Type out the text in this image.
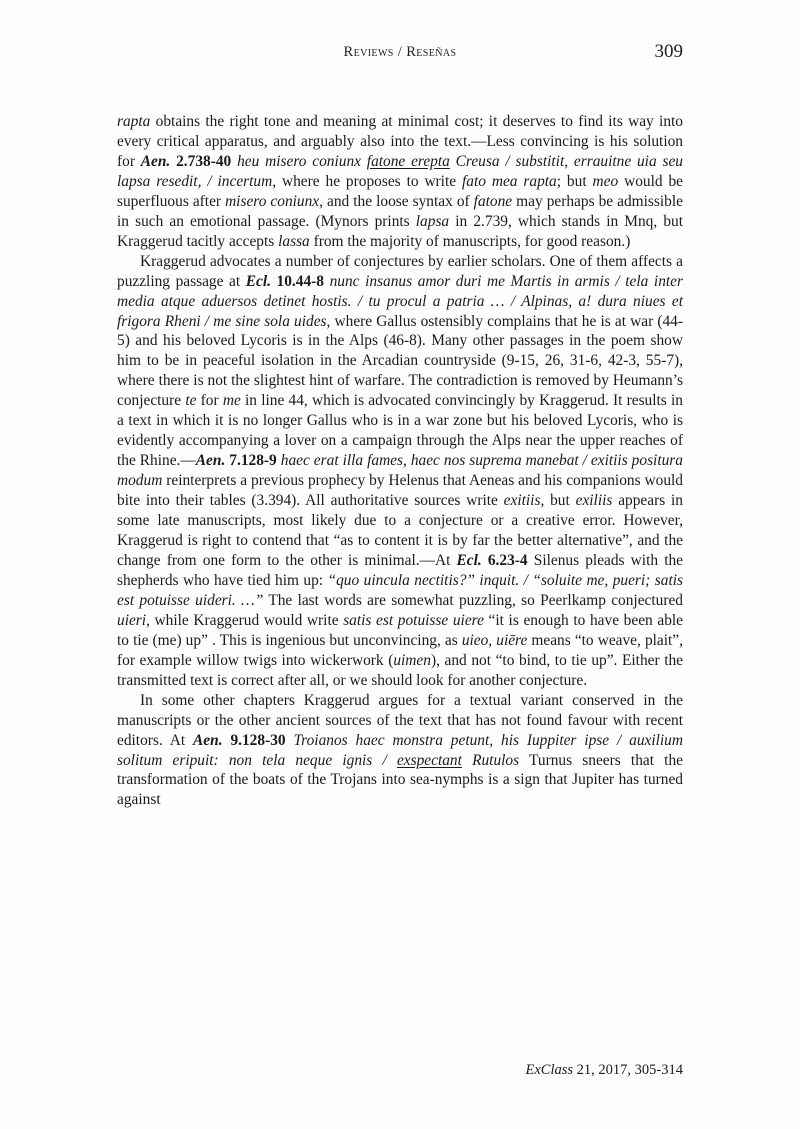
Reviews / Reseñas	309

rapta obtains the right tone and meaning at minimal cost; it deserves to find its way into every critical apparatus, and arguably also into the text.—Less convincing is his solution for Aen. 2.738-40 heu misero coniunx fatone erepta Creusa / substitit, errauitne uia seu lapsa resedit, / incertum, where he proposes to write fato mea rapta; but meo would be superfluous after misero coniunx, and the loose syntax of fatone may perhaps be admissible in such an emotional passage. (Mynors prints lapsa in 2.739, which stands in Mnq, but Kraggerud tacitly accepts lassa from the majority of manuscripts, for good reason.)

Kraggerud advocates a number of conjectures by earlier scholars. One of them affects a puzzling passage at Ecl. 10.44-8 nunc insanus amor duri me Martis in armis / tela inter media atque aduersos detinet hostis. / tu procul a patria … / Alpinas, a! dura niues et frigora Rheni / me sine sola uides, where Gallus ostensibly complains that he is at war (44-5) and his beloved Lycoris is in the Alps (46-8). Many other passages in the poem show him to be in peaceful isolation in the Arcadian countryside (9-15, 26, 31-6, 42-3, 55-7), where there is not the slightest hint of warfare. The contradiction is removed by Heumann’s conjecture te for me in line 44, which is advocated convincingly by Kraggerud. It results in a text in which it is no longer Gallus who is in a war zone but his beloved Lycoris, who is evidently accompanying a lover on a campaign through the Alps near the upper reaches of the Rhine.—Aen. 7.128-9 haec erat illa fames, haec nos suprema manebat / exitiis positura modum reinterprets a previous prophecy by Helenus that Aeneas and his companions would bite into their tables (3.394). All authoritative sources write exitiis, but exiliis appears in some late manuscripts, most likely due to a conjecture or a creative error. However, Kraggerud is right to contend that “as to content it is by far the better alternative”, and the change from one form to the other is minimal.—At Ecl. 6.23-4 Silenus pleads with the shepherds who have tied him up: “quo uincula nectitis?” inquit. / “soluite me, pueri; satis est potuisse uideri. …” The last words are somewhat puzzling, so Peerlkamp conjectured uieri, while Kraggerud would write satis est potuisse uiere “it is enough to have been able to tie (me) up” . This is ingenious but unconvincing, as uieo, uiēre means “to weave, plait”, for example willow twigs into wickerwork (uimen), and not “to bind, to tie up”. Either the transmitted text is correct after all, or we should look for another conjecture.

In some other chapters Kraggerud argues for a textual variant conserved in the manuscripts or the other ancient sources of the text that has not found favour with recent editors. At Aen. 9.128-30 Troianos haec monstra petunt, his Iuppiter ipse / auxilium solitum eripuit: non tela neque ignis / exspectant Rutulos Turnus sneers that the transformation of the boats of the Trojans into sea-nymphs is a sign that Jupiter has turned against

ExClass 21, 2017, 305-314
